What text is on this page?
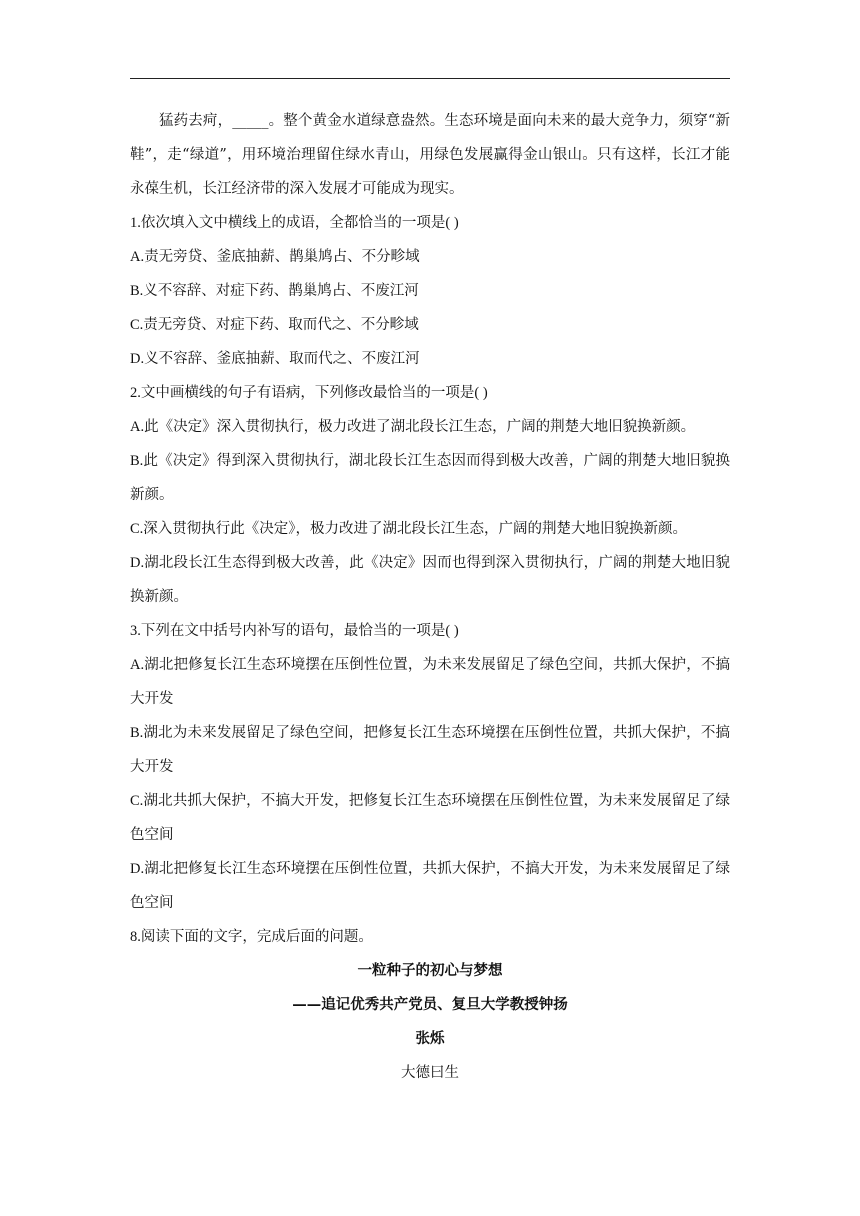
猛药去疴，_____。整个黄金水道绿意盎然。生态环境是面向未来的最大竞争力，须穿“新鞋”，走“绿道”，用环境治理留住绿水青山，用绿色发展赢得金山银山。只有这样，长江才能永葆生机，长江经济带的深入发展才可能成为现实。

1.依次填入文中横线上的成语，全都恰当的一项是( )

A.责无旁贷、釜底抽薪、鹊巢鸠占、不分畛域

B.义不容辞、对症下药、鹊巢鸠占、不废江河

C.责无旁贷、对症下药、取而代之、不分畛域

D.义不容辞、釜底抽薪、取而代之、不废江河

2.文中画横线的句子有语病，下列修改最恰当的一项是( )

A.此《决定》深入贯彻执行，极力改进了湖北段长江生态，广阔的荆楚大地旧貌换新颜。

B.此《决定》得到深入贯彻执行，湖北段长江生态因而得到极大改善，广阔的荆楚大地旧貌换新颜。

C.深入贯彻执行此《决定》，极力改进了湖北段长江生态，广阔的荆楚大地旧貌换新颜。

D.湖北段长江生态得到极大改善，此《决定》因而也得到深入贯彻执行，广阔的荆楚大地旧貌换新颜。

3.下列在文中括号内补写的语句，最恰当的一项是( )

A.湖北把修复长江生态环境摆在压倒性位置，为未来发展留足了绿色空间，共抓大保护，不搞大开发

B.湖北为未来发展留足了绿色空间，把修复长江生态环境摆在压倒性位置，共抓大保护，不搞大开发

C.湖北共抓大保护，不搞大开发，把修复长江生态环境摆在压倒性位置，为未来发展留足了绿色空间

D.湖北把修复长江生态环境摆在压倒性位置，共抓大保护，不搞大开发，为未来发展留足了绿色空间

8.阅读下面的文字，完成后面的问题。

一粒种子的初心与梦想

——追记优秀共产党员、复旦大学教授钟扬

张烁

大德曰生
